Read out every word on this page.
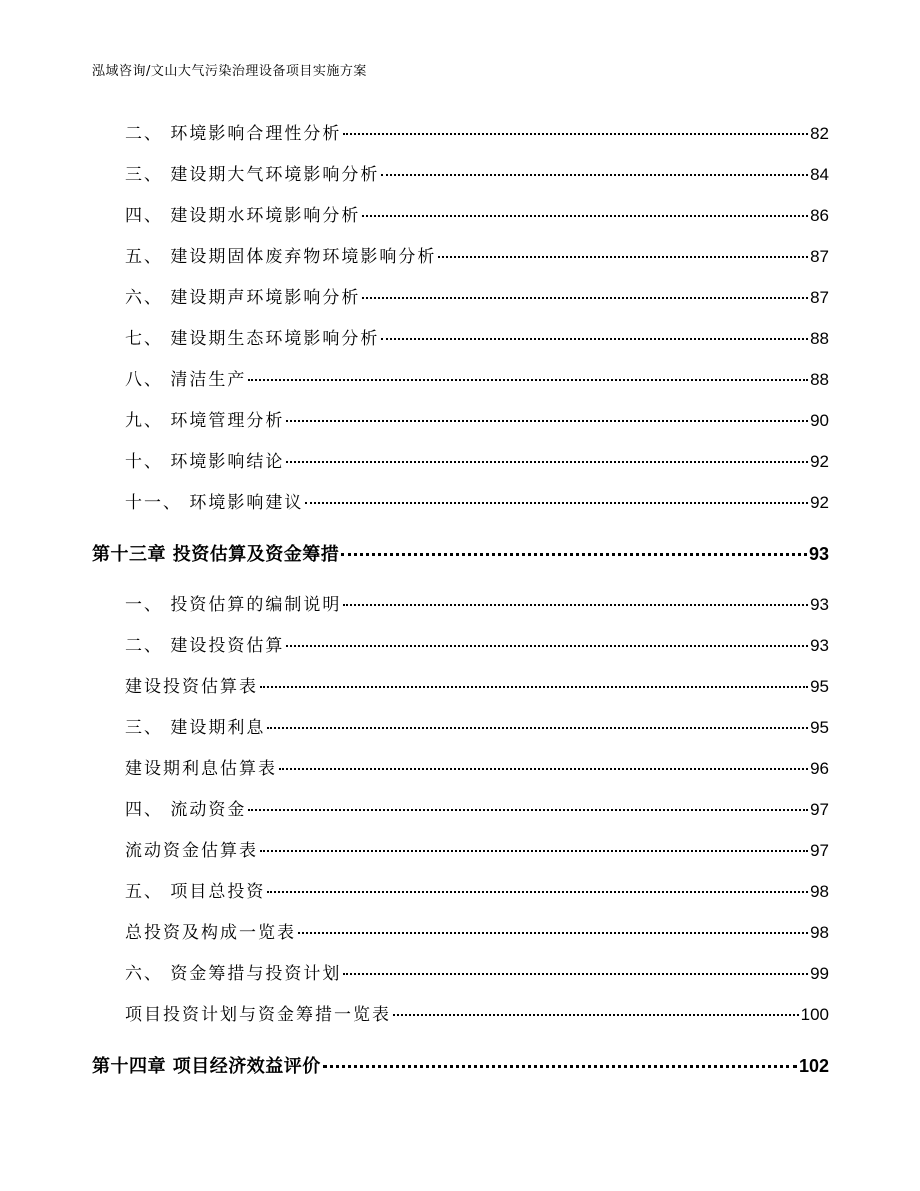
泓域咨询/文山大气污染治理设备项目实施方案
二、 环境影响合理性分析	82
三、 建设期大气环境影响分析	84
四、 建设期水环境影响分析	86
五、 建设期固体废弃物环境影响分析	87
六、 建设期声环境影响分析	87
七、 建设期生态环境影响分析	88
八、 清洁生产	88
九、 环境管理分析	90
十、 环境影响结论	92
十一、 环境影响建议	92
第十三章 投资估算及资金筹措	93
一、 投资估算的编制说明	93
二、 建设投资估算	93
建设投资估算表	95
三、 建设期利息	95
建设期利息估算表	96
四、 流动资金	97
流动资金估算表	97
五、 项目总投资	98
总投资及构成一览表	98
六、 资金筹措与投资计划	99
项目投资计划与资金筹措一览表	100
第十四章 项目经济效益评价	102
